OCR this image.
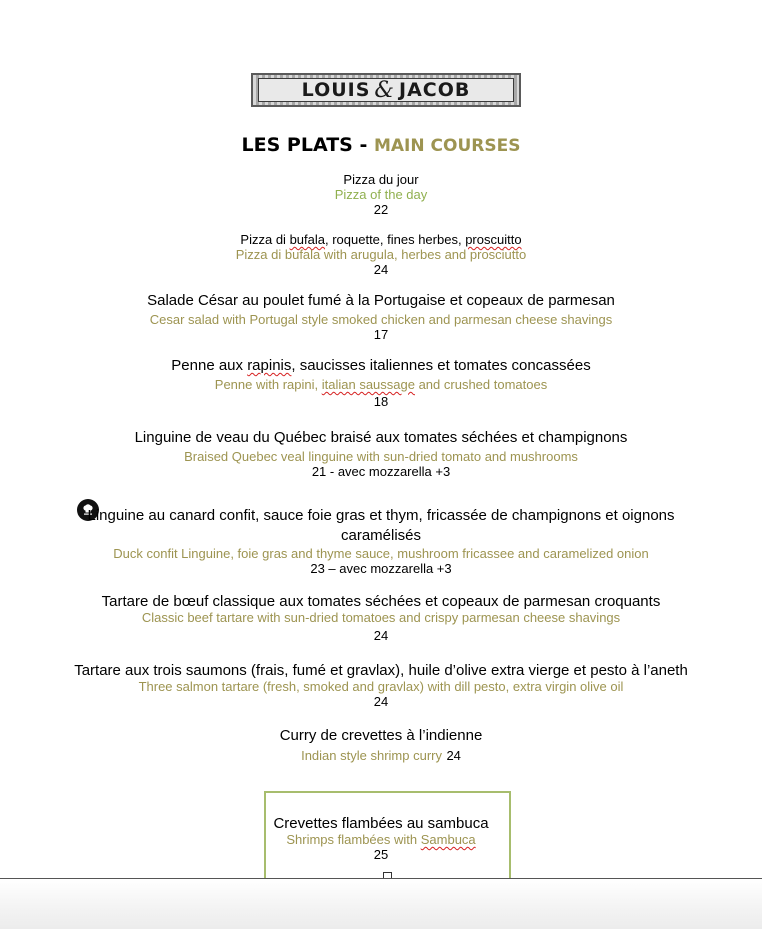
LOUIS & JACOB
LES PLATS - MAIN COURSES
Pizza du jour
Pizza of the day
22
Pizza di bufala, roquette, fines herbes, proscuitto
Pizza di bufala with arugula, herbes and prosciutto
24
Salade César au poulet fumé à la Portugaise et copeaux de parmesan
Cesar salad with Portugal style smoked chicken and parmesan cheese shavings
17
Penne aux rapinis, saucisses italiennes et tomates concassées
Penne with rapini, italian saussage and crushed tomatoes
18
Linguine de veau du Québec braisé aux tomates séchées et champignons
Braised Quebec veal linguine with sun-dried tomato and mushrooms
21 - avec mozzarella +3
Linguine au canard confit, sauce foie gras et thym, fricassée de champignons et oignons
caramélisés
Duck confit Linguine, foie gras and thyme sauce, mushroom fricassee and caramelized onion
23 – avec mozzarella +3
Tartare de bœuf classique aux tomates séchées et copeaux de parmesan croquants
Classic beef tartare with sun-dried tomatoes and crispy parmesan cheese shavings
24
Tartare aux trois saumons (frais, fumé et gravlax), huile d’olive extra vierge et pesto à l’aneth
Three salmon tartare (fresh, smoked and gravlax) with dill pesto, extra virgin olive oil
24
Curry de crevettes à l’indienne
Indian style shrimp curry 24
Crevettes flambées au sambuca
Shrimps flambées with Sambuca
25
